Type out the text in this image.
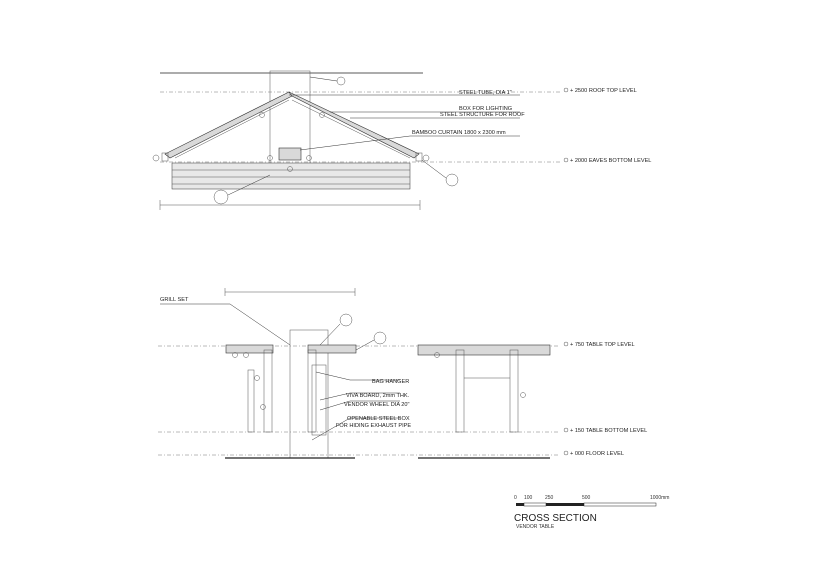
STEEL TUBE, DIA 1"
BOX FOR LIGHTING
STEEL STRUCTURE FOR ROOF
BAMBOO CURTAIN 1800 x 2300 mm
+ 2500 ROOF TOP LEVEL
+ 2000 EAVES BOTTOM LEVEL
GRILL SET
BAG HANGER
VIVA BOARD, 2mm THK.
VENDOR WHEEL DIA 20"
OPENABLE STEEL BOX
FOR HIDING EXHAUST PIPE
+ 750 TABLE TOP LEVEL
+ 150 TABLE BOTTOM LEVEL
+ 000 FLOOR LEVEL
0 100	250	500	1000mm
CROSS SECTION
VENDOR TABLE
